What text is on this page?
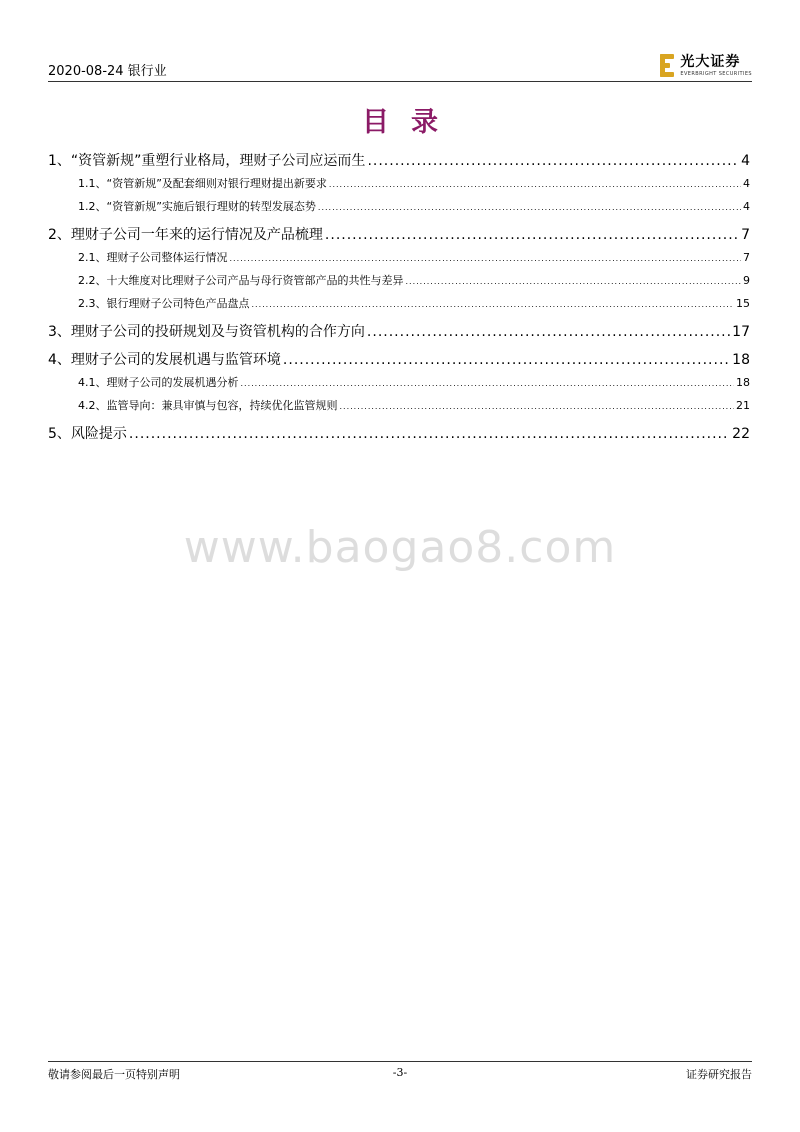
2020-08-24 银行业
光大证券
EVERBRIGHT SECURITIES
目录
1、 “资管新规”重塑行业格局，理财子公司应运而生 .....	4
1.1、 “资管新规”及配套细则对银行理财提出新要求 .....	4
1.2、 “资管新规”实施后银行理财的转型发展态势 .....	4
2、 理财子公司一年来的运行情况及产品梳理 .....	7
2.1、 理财子公司整体运行情况 .....	7
2.2、 十大维度对比理财子公司产品与母行资管部产品的共性与差异 .....	9
2.3、 银行理财子公司特色产品盘点 .....	15
3、 理财子公司的投研规划及与资管机构的合作方向 .....	17
4、 理财子公司的发展机遇与监管环境 .....	18
4.1、 理财子公司的发展机遇分析 .....	18
4.2、 监管导向：兼具审慎与包容，持续优化监管规则 .....	21
5、 风险提示 .....	22
www.baogao8.com
敬请参阅最后一页特别声明	-3-	证券研究报告
